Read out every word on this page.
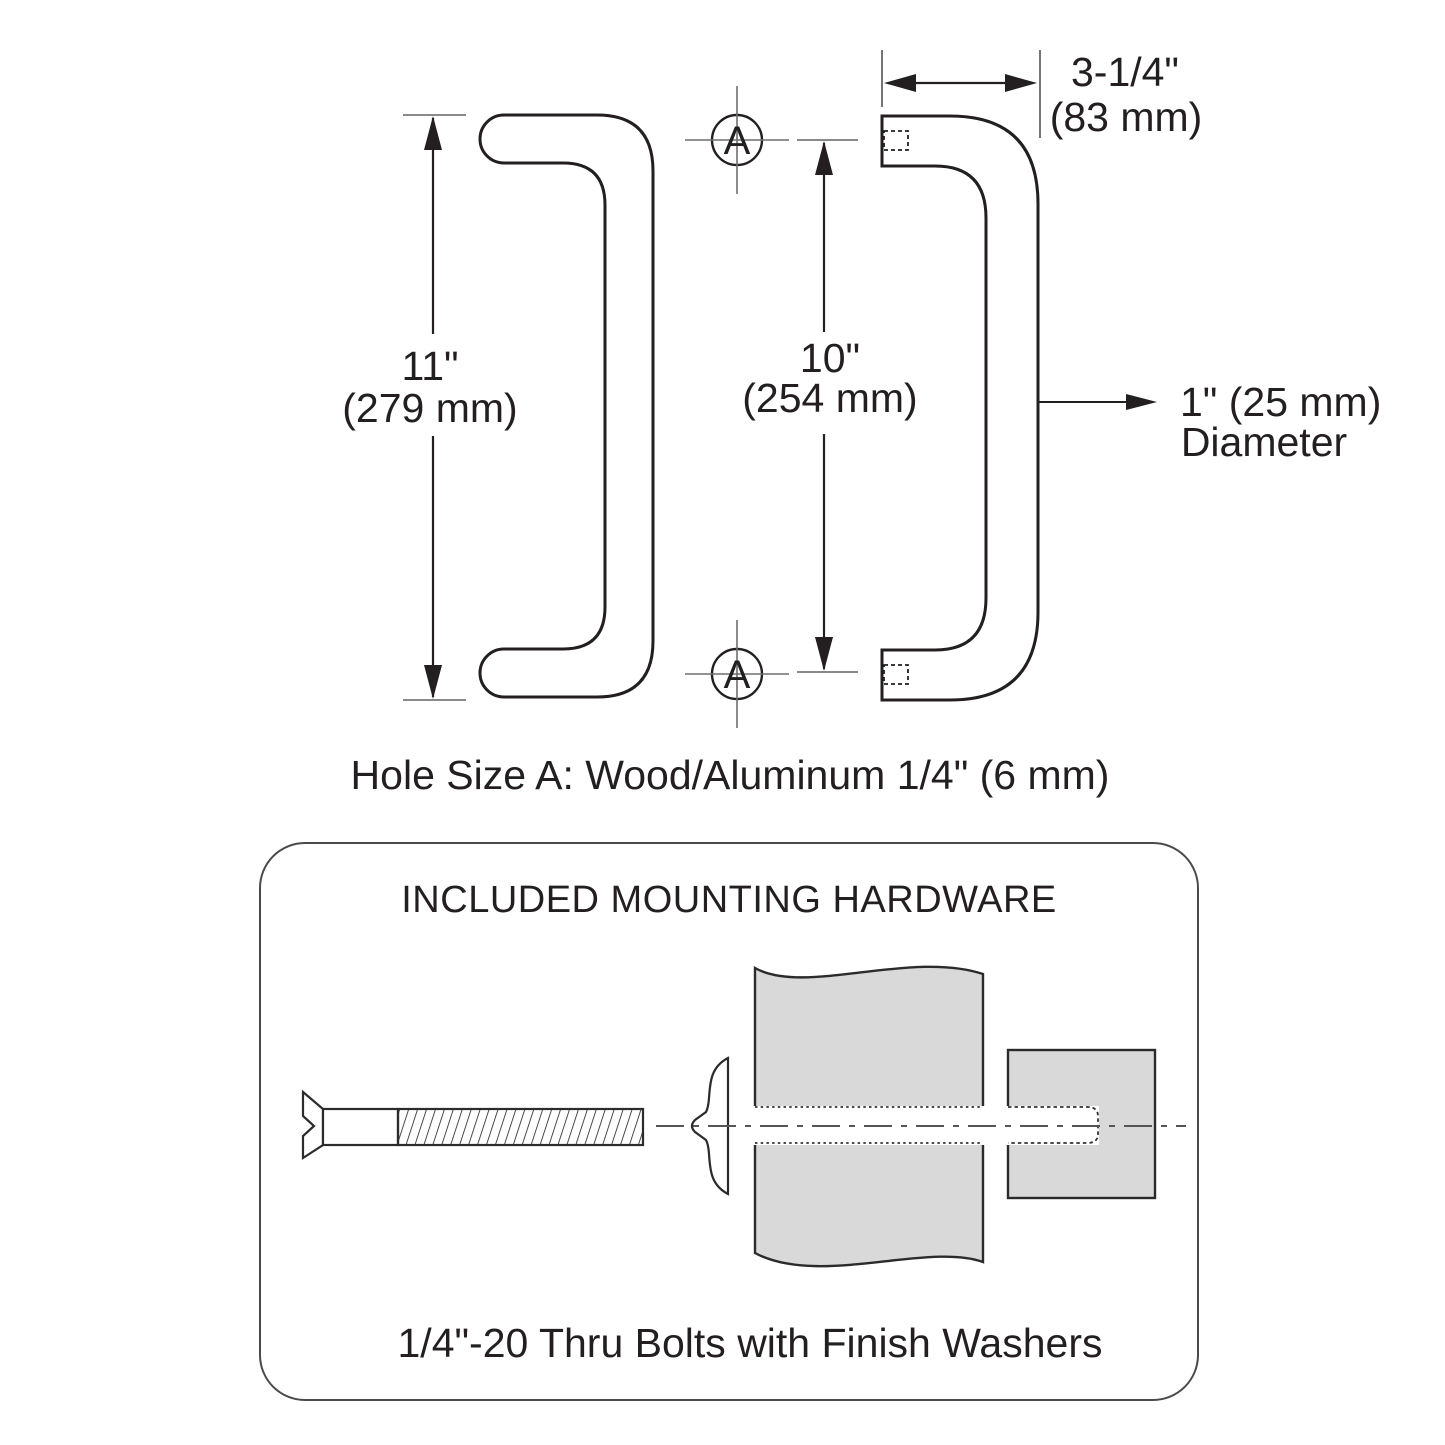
11"
(279 mm)
A
A
10"
(254 mm)
3-1/4"
(83 mm)
1" (25 mm)
Diameter
Hole Size A: Wood/Aluminum 1/4" (6 mm)
INCLUDED MOUNTING HARDWARE
1/4"-20 Thru Bolts with Finish Washers
